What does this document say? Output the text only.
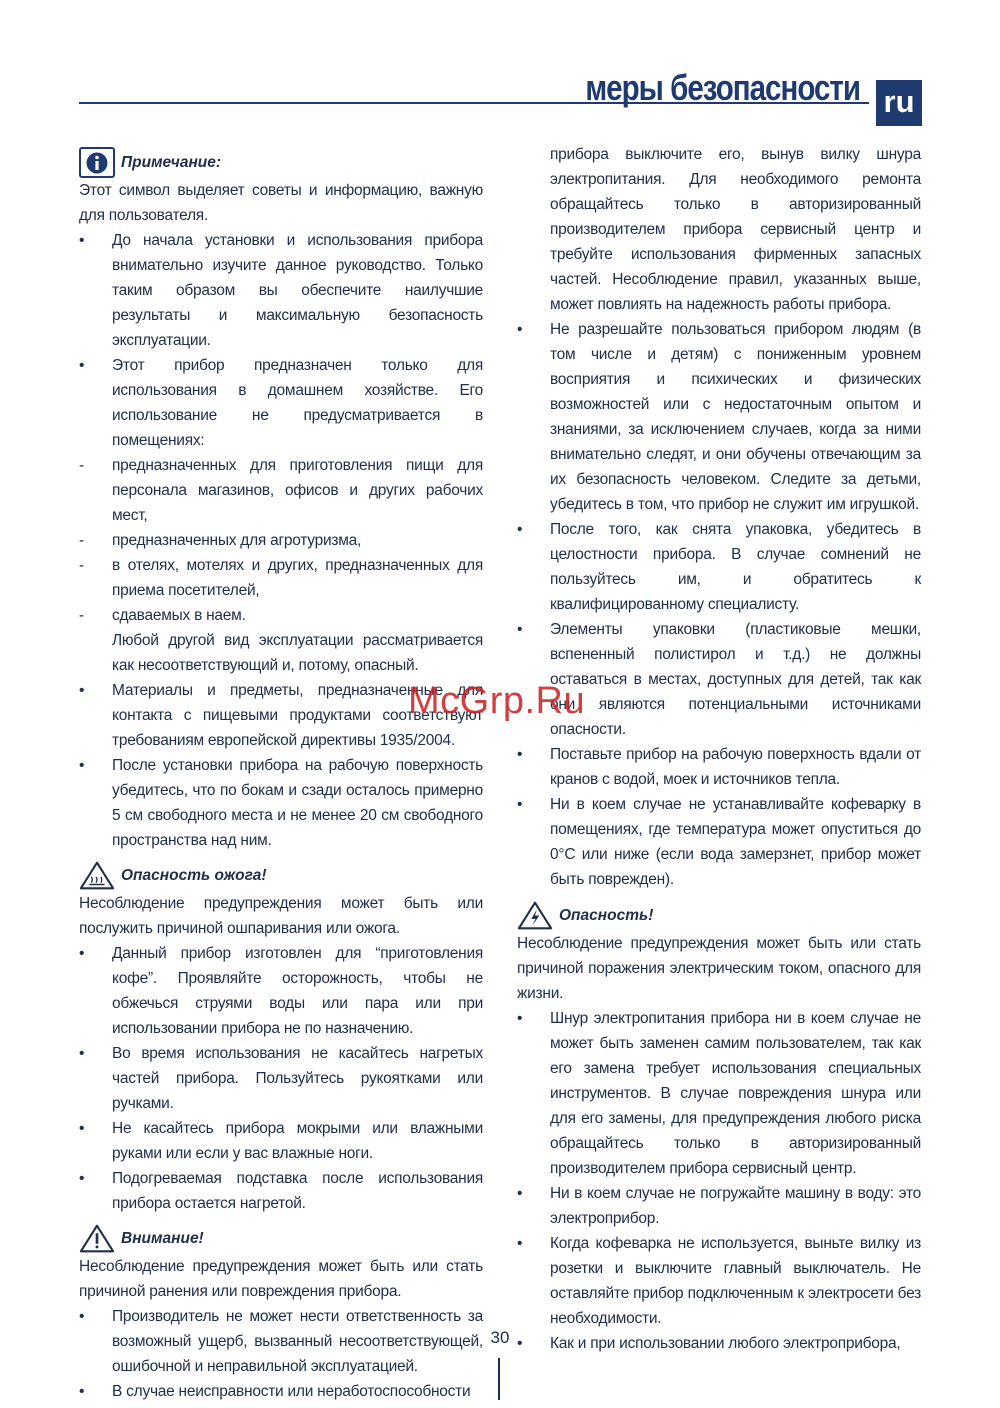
меры безопасности ru
Примечание:
Этот символ выделяет советы и информацию, важную для пользователя.
•	До начала установки и использования прибора внимательно изучите данное руководство. Только таким образом вы обеспечите наилучшие результаты и максимальную безопасность эксплуатации.
•	Этот прибор предназначен только для использования в домашнем хозяйстве. Его использование не предусматривается в помещениях:
-	предназначенных для приготовления пищи для персонала магазинов, офисов и других рабочих мест,
-	предназначенных для агротуризма,
-	в отелях, мотелях и других, предназначенных для приема посетителей,
-	сдаваемых в наем.
Любой другой вид эксплуатации рассматривается как несоответствующий и, потому, опасный.
•	Материалы и предметы, предназначенные для контакта с пищевыми продуктами соответствуют требованиям европейской директивы 1935/2004.
•	После установки прибора на рабочую поверхность убедитесь, что по бокам и сзади осталось примерно 5 см свободного места и не менее 20 см свободного пространства над ним.
Опасность ожога!
Несоблюдение предупреждения может быть или послужить причиной ошпаривания или ожога.
•	Данный прибор изготовлен для “приготовления кофе”. Проявляйте осторожность, чтобы не обжечься струями воды или пара или при использовании прибора не по назначению.
•	Во время использования не касайтесь нагретых частей прибора. Пользуйтесь рукоятками или ручками.
•	Не касайтесь прибора мокрыми или влажными руками или если у вас влажные ноги.
•	Подогреваемая подставка после использования прибора остается нагретой.
Внимание!
Несоблюдение предупреждения может быть или стать причиной ранения или повреждения прибора.
•	Производитель не может нести ответственность за возможный ущерб, вызванный несоответствующей, ошибочной и неправильной эксплуатацией.
•	В случае неисправности или неработоспособности
прибора выключите его, вынув вилку шнура электропитания. Для необходимого ремонта обращайтесь только в авторизированный производителем прибора сервисный центр и требуйте использования фирменных запасных частей. Несоблюдение правил, указанных выше, может повлиять на надежность работы прибора.
•	Не разрешайте пользоваться прибором людям (в том числе и детям) с пониженным уровнем восприятия и психических и физических возможностей или с недостаточным опытом и знаниями, за исключением случаев, когда за ними внимательно следят, и они обучены отвечающим за их безопасность человеком. Следите за детьми, убедитесь в том, что прибор не служит им игрушкой.
•	После того, как снята упаковка, убедитесь в целостности прибора. В случае сомнений не пользуйтесь им, и обратитесь к квалифицированному специалисту.
•	Элементы упаковки (пластиковые мешки, вспененный полистирол и т.д.) не должны оставаться в местах, доступных для детей, так как они являются потенциальными источниками опасности.
•	Поставьте прибор на рабочую поверхность вдали от кранов с водой, моек и источников тепла.
•	Ни в коем случае не устанавливайте кофеварку в помещениях, где температура может опуститься до 0°С или ниже (если вода замерзнет, прибор может быть поврежден).
Опасность!
Несоблюдение предупреждения может быть или стать причиной поражения электрическим током, опасного для жизни.
•	Шнур электропитания прибора ни в коем случае не может быть заменен самим пользователем, так как его замена требует использования специальных инструментов. В случае повреждения шнура или для его замены, для предупреждения любого риска обращайтесь только в авторизированный производителем прибора сервисный центр.
•	Ни в коем случае не погружайте машину в воду: это электроприбор.
•	Когда кофеварка не используется, выньте вилку из розетки и выключите главный выключатель. Не оставляйте прибор подключенным к электросети без необходимости.
•	Как и при использовании любого электроприбора,
McGrp.Ru
30
